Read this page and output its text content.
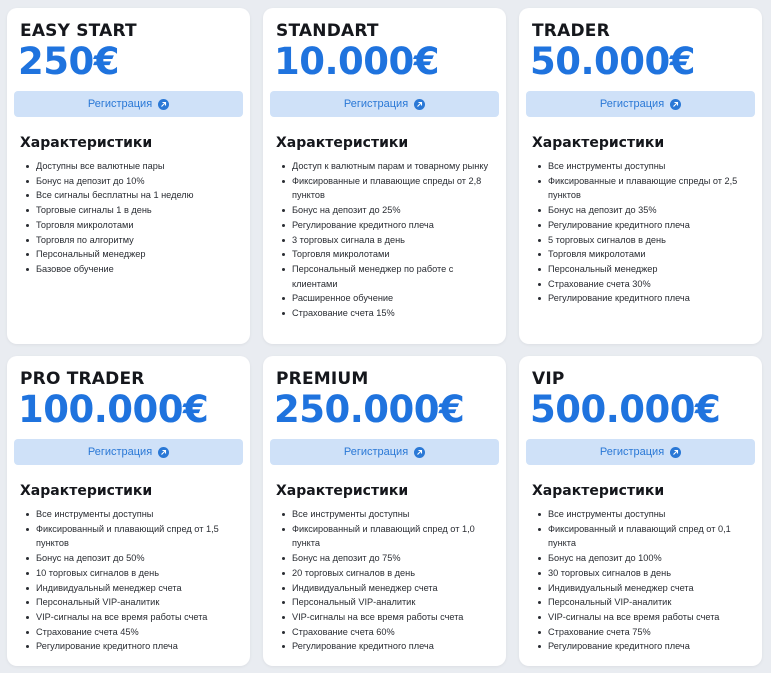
EASY START
250€
Регистрация
Характеристики
Доступны все валютные пары
Бонус на депозит до 10%
Все сигналы бесплатны на 1 неделю
Торговые сигналы 1 в день
Торговля микролотами
Торговля по алгоритму
Персональный менеджер
Базовое обучение
STANDART
10.000€
Регистрация
Характеристики
Доступ к валютным парам и товарному рынку
Фиксированные и плавающие спреды от 2,8 пунктов
Бонус на депозит до 25%
Регулирование кредитного плеча
3 торговых сигнала в день
Торговля микролотами
Персональный менеджер по работе с клиентами
Расширенное обучение
Страхование счета 15%
TRADER
50.000€
Регистрация
Характеристики
Все инструменты доступны
Фиксированные и плавающие спреды от 2,5 пунктов
Бонус на депозит до 35%
Регулирование кредитного плеча
5 торговых сигналов в день
Торговля микролотами
Персональный менеджер
Страхование счета 30%
Регулирование кредитного плеча
PRO TRADER
100.000€
Регистрация
Характеристики
Все инструменты доступны
Фиксированный и плавающий спред от 1,5 пунктов
Бонус на депозит до 50%
10 торговых сигналов в день
Индивидуальный менеджер счета
Персональный VIP-аналитик
VIP-сигналы на все время работы счета
Страхование счета 45%
Регулирование кредитного плеча
PREMIUM
250.000€
Регистрация
Характеристики
Все инструменты доступны
Фиксированный и плавающий спред от 1,0 пункта
Бонус на депозит до 75%
20 торговых сигналов в день
Индивидуальный менеджер счета
Персональный VIP-аналитик
VIP-сигналы на все время работы счета
Страхование счета 60%
Регулирование кредитного плеча
VIP
500.000€
Регистрация
Характеристики
Все инструменты доступны
Фиксированный и плавающий спред от 0,1 пункта
Бонус на депозит до 100%
30 торговых сигналов в день
Индивидуальный менеджер счета
Персональный VIP-аналитик
VIP-сигналы на все время работы счета
Страхование счета 75%
Регулирование кредитного плеча
